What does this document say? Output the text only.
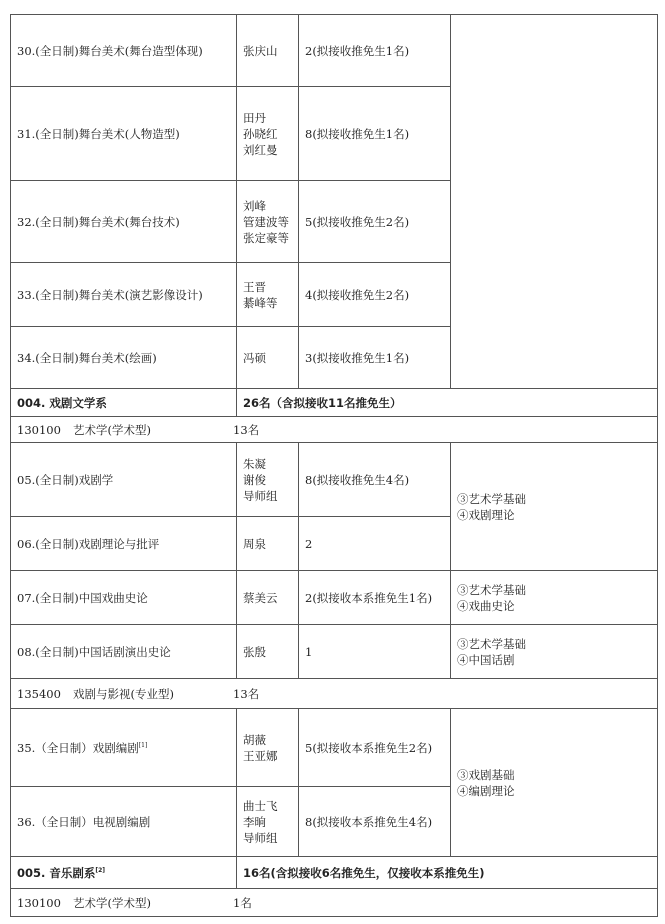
30.(全日制)舞台美术(舞台造型体现)	张庆山	2(拟接收推免生1名)	
31.(全日制)舞台美术(人物造型)	田丹
孙晓红
刘红曼	8(拟接收推免生1名)	
32.(全日制)舞台美术(舞台技术)	刘峰
管建波等
张定豪等	5(拟接收推免生2名)	
33.(全日制)舞台美术(演艺影像设计)	王晋
綦峰等	4(拟接收推免生2名)	
34.(全日制)舞台美术(绘画)	冯硕	3(拟接收推免生1名)	
004. 戏剧文学系	26名（含拟接收11名推免生）		
130100 艺术学(学术型) 13名			
05.(全日制)戏剧学	朱凝
谢俊
导师组	8(拟接收推免生4名)	③艺术学基础
④戏剧理论

06.(全日制)戏剧理论与批评	周泉	2	
07.(全日制)中国戏曲史论	蔡美云	2(拟接收本系推免生1名)	③艺术学基础
④戏曲史论

08.(全日制)中国话剧演出史论	张殷	1	③艺术学基础
④中国话剧

135400 戏剧与影视(专业型) 13名			
35.（全日制）戏剧编剧[1]	胡薇
王亚娜	5(拟接收本系推免生2名)	③戏剧基础
④编剧理论

36.（全日制）电视剧编剧	曲士飞
李晌
导师组	8(拟接收本系推免生4名)	
005. 音乐剧系[2]	16名(含拟接收6名推免生，仅接收本系推免生)		
130100 艺术学(学术型) 1名			
